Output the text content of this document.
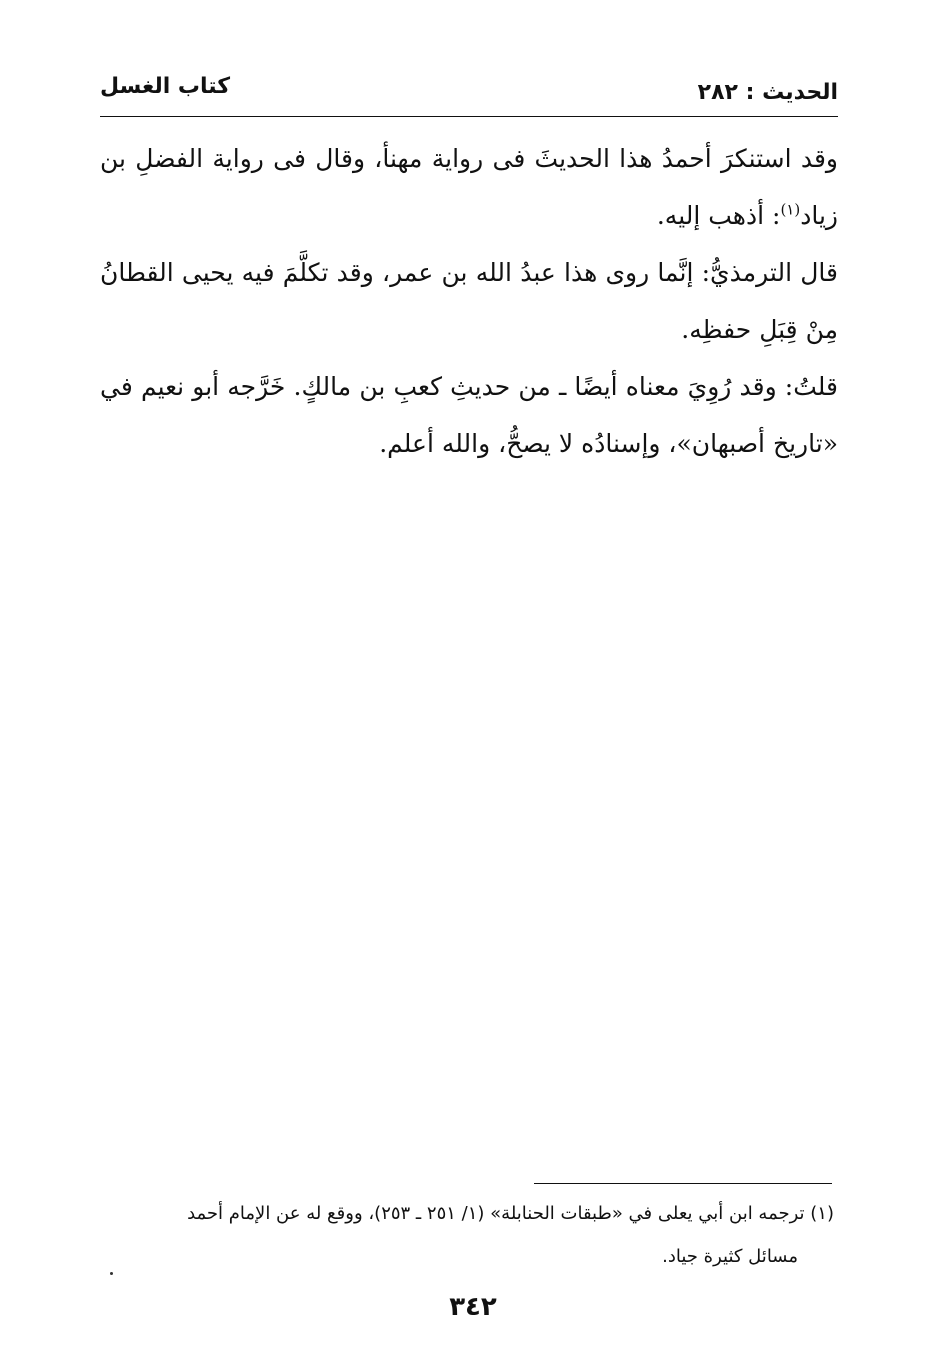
الحديث : ٢٨٢
كتاب الغسل

وقد استنكرَ أحمدُ هذا الحديثَ فى رواية مهنأ، وقال فى رواية الفضلِ بن زياد$^{(١)}$: أذهب إليه.

قال الترمذيُّ: إنَّما روى هذا عبدُ الله بن عمر، وقد تكلَّمَ فيه يحيى القطانُ مِنْ قِبَلِ حفظِه.

قلتُ: وقد رُوِيَ معناه أيضًا ـ من حديثِ كعبِ بن مالكٍ. خَرَّجه أبو نعيم في «تاريخ أصبهان»، وإسنادُه لا يصحُّ، والله أعلم.

(١) ترجمه ابن أبي يعلى في «طبقات الحنابلة» (١/ ٢٥١ ـ ٢٥٣)، ووقع له عن الإمام أحمد
مسائل كثيرة جياد.
٣٤٢
